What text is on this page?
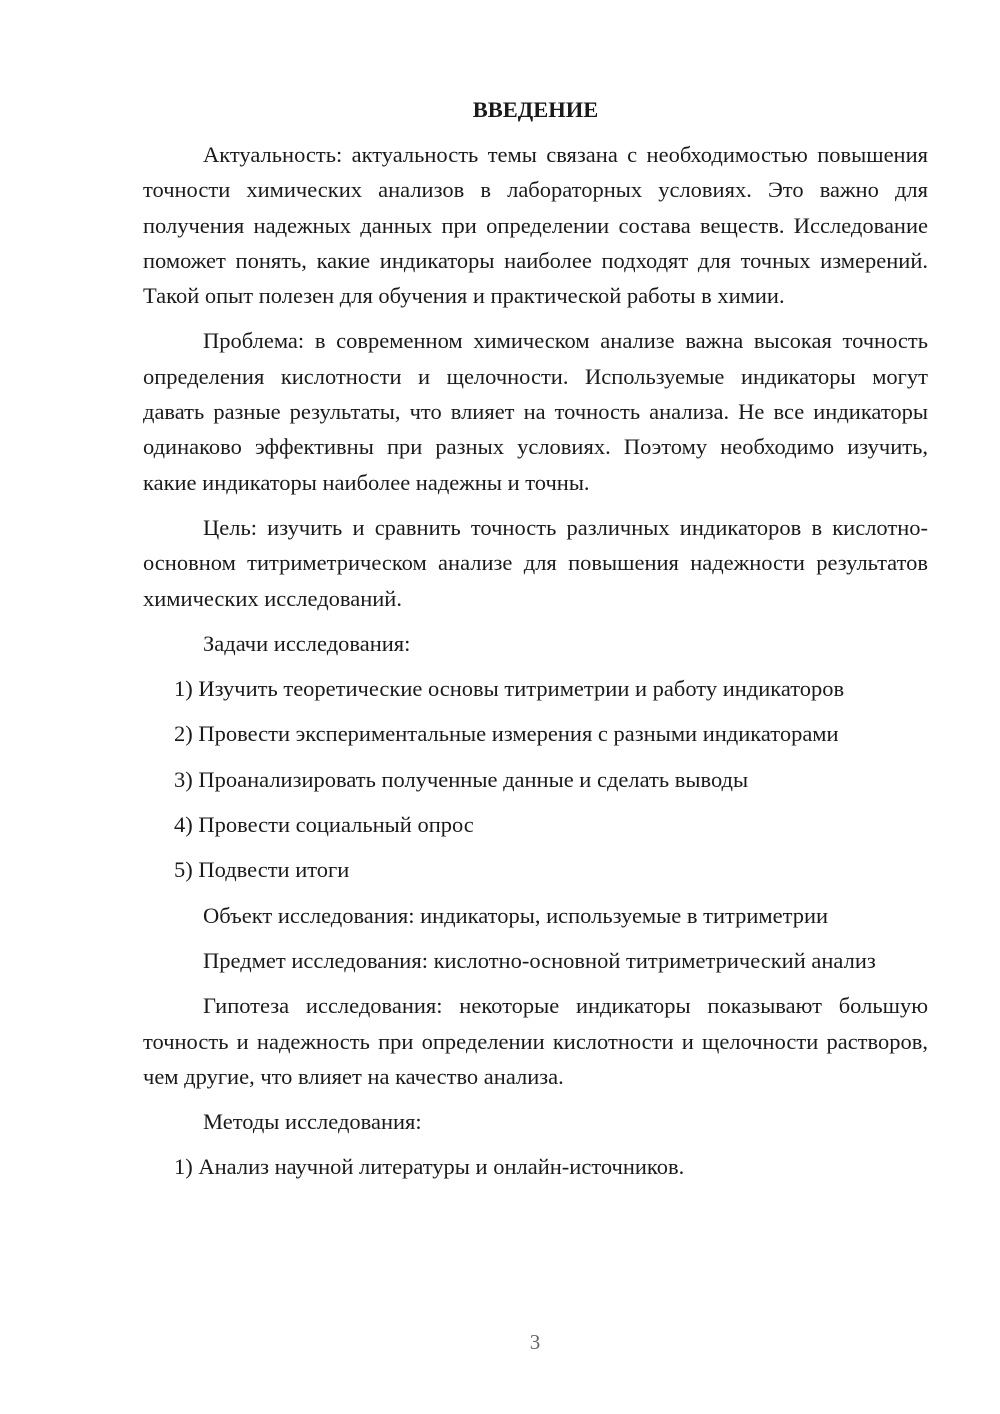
ВВЕДЕНИЕ

Актуальность: актуальность темы связана с необходимостью повышения точности химических анализов в лабораторных условиях. Это важно для получения надежных данных при определении состава веществ. Исследование поможет понять, какие индикаторы наиболее подходят для точных измерений. Такой опыт полезен для обучения и практической работы в химии.

Проблема: в современном химическом анализе важна высокая точность определения кислотности и щелочности. Используемые индикаторы могут давать разные результаты, что влияет на точность анализа. Не все индикаторы одинаково эффективны при разных условиях. Поэтому необходимо изучить, какие индикаторы наиболее надежны и точны.

Цель: изучить и сравнить точность различных индикаторов в кислотно-основном титриметрическом анализе для повышения надежности результатов химических исследований.

Задачи исследования:

1) Изучить теоретические основы титриметрии и работу индикаторов

2) Провести экспериментальные измерения с разными индикаторами

3) Проанализировать полученные данные и сделать выводы

4) Провести социальный опрос

5) Подвести итоги

Объект исследования: индикаторы, используемые в титриметрии

Предмет исследования: кислотно-основной титриметрический анализ

Гипотеза исследования: некоторые индикаторы показывают большую точность и надежность при определении кислотности и щелочности растворов, чем другие, что влияет на качество анализа.

Методы исследования:

1) Анализ научной литературы и онлайн-источников.

3
